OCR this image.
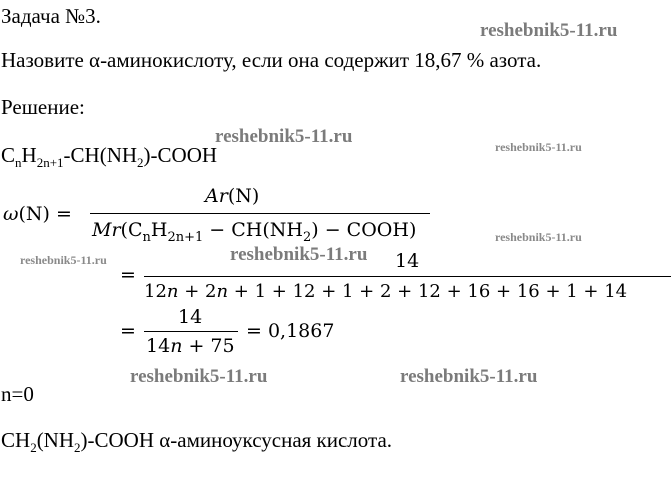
Задача №3.
reshebnik5-11.ru
Назовите α-аминокислоту, если она содержит 18,67 % азота.
Решение:
reshebnik5-11.ru	reshebnik5-11.ru
$C_nH_{2n+1}-CH(NH_2)$-COOH
ω(N) =
Ar(N)
$Mr(C_nH_{2n+1} - CH(NH_2)$ − COOH)	reshebnik5-11.ru
reshebnik5-11.ru	reshebnik5-11.ru 14
=
12n + 2n + 1 + 12 + 1 + 2 + 12 + 16 + 16 + 1 + 14
14
=
14n + 75
= 0,1867
n=0
reshebnik5-11.ru	reshebnik5-11.ru
$CH_2(NH_2)$-COOH α-аминоуксусная кислота.
